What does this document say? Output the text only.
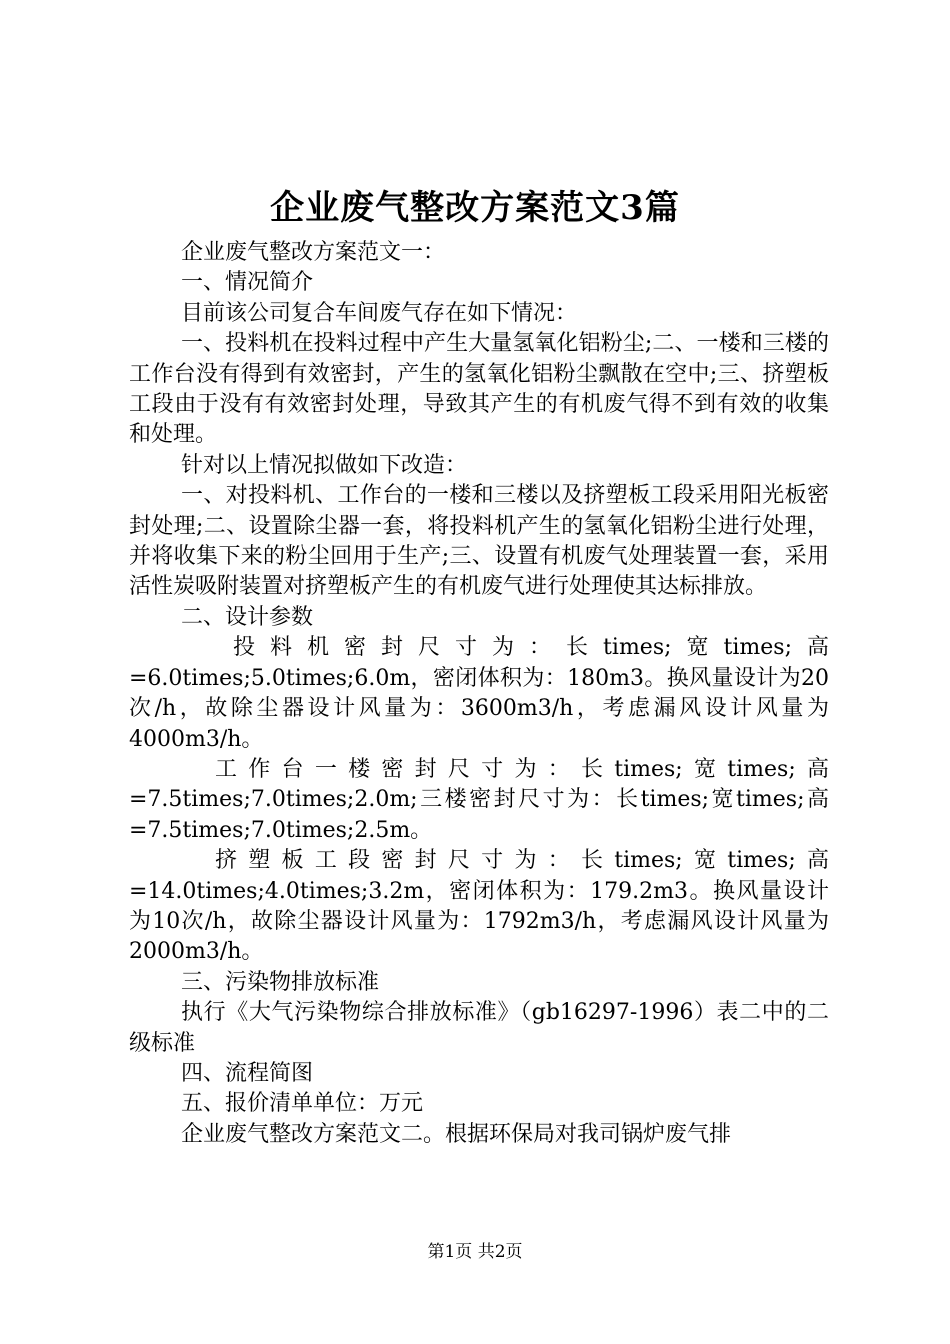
企业废气整改方案范文3篇

企业废气整改方案范文一：

一、情况简介

目前该公司复合车间废气存在如下情况：

一、投料机在投料过程中产生大量氢氧化铝粉尘;二、一楼和三楼的工作台没有得到有效密封，产生的氢氧化铝粉尘飘散在空中;三、挤塑板工段由于没有有效密封处理，导致其产生的有机废气得不到有效的收集和处理。

针对以上情况拟做如下改造：

一、对投料机、工作台的一楼和三楼以及挤塑板工段采用阳光板密封处理;二、设置除尘器一套，将投料机产生的氢氧化铝粉尘进行处理，并将收集下来的粉尘回用于生产;三、设置有机废气处理装置一套，采用活性炭吸附装置对挤塑板产生的有机废气进行处理使其达标排放。

二、设计参数

投料机密封尺寸为：长times;宽times;高=6.0times;5.0times;6.0m，密闭体积为：180m3。换风量设计为20次/h，故除尘器设计风量为：3600m3/h，考虑漏风设计风量为4000m3/h。

工作台一楼密封尺寸为：长times;宽times;高=7.5times;7.0times;2.0m;三楼密封尺寸为：长times;宽times;高=7.5times;7.0times;2.5m。

挤塑板工段密封尺寸为：长times;宽times;高=14.0times;4.0times;3.2m，密闭体积为：179.2m3。换风量设计为10次/h，故除尘器设计风量为：1792m3/h，考虑漏风设计风量为2000m3/h。

三、污染物排放标准

执行《大气污染物综合排放标准》（gb16297-1996）表二中的二级标准

四、流程简图

五、报价清单单位：万元

企业废气整改方案范文二。根据环保局对我司锅炉废气排

第1页 共2页
